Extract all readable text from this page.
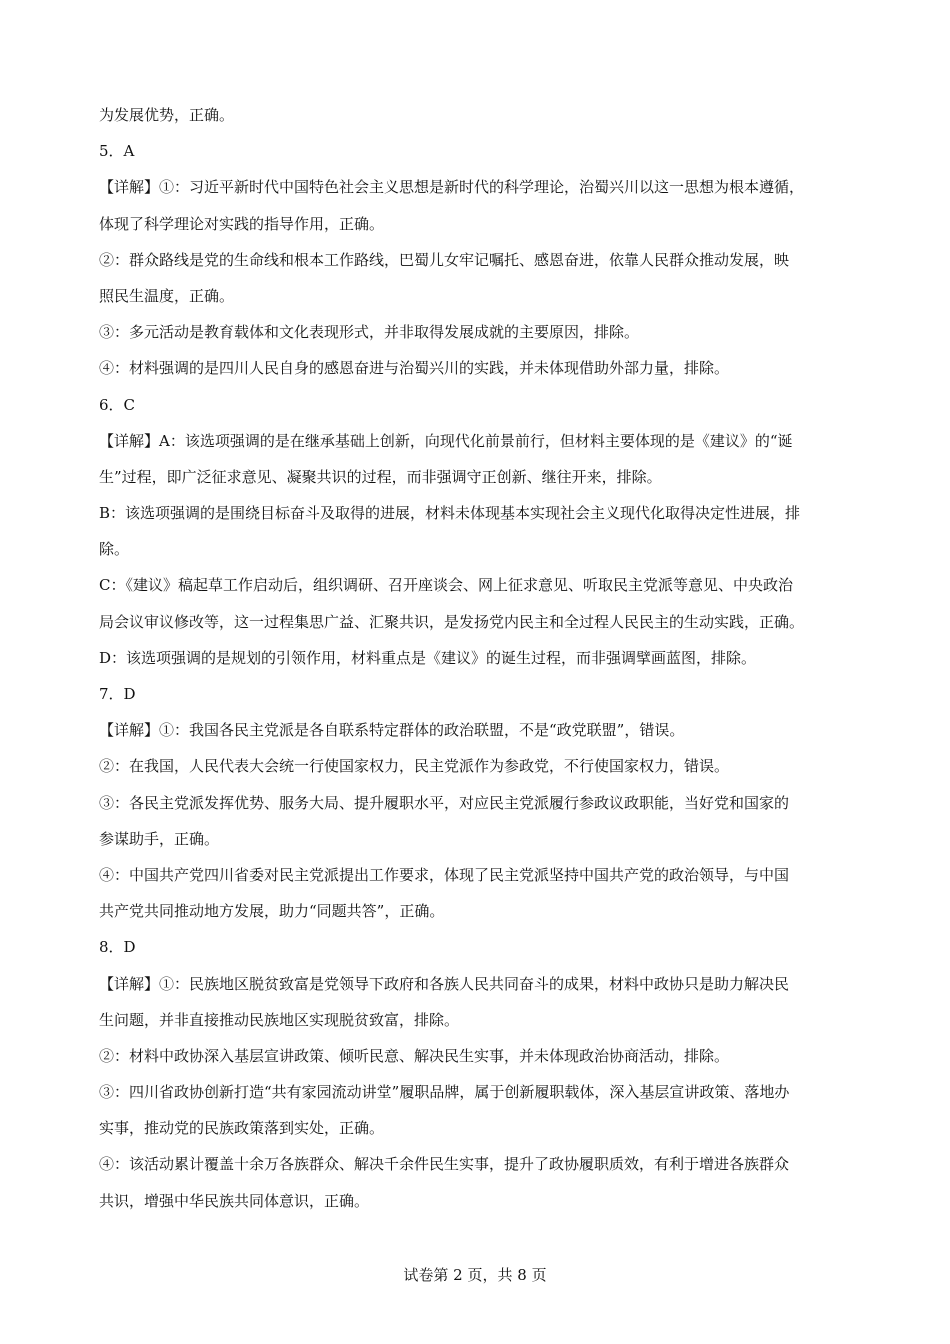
为发展优势，正确。
5．A
【详解】①：习近平新时代中国特色社会主义思想是新时代的科学理论，治蜀兴川以这一思想为根本遵循，
体现了科学理论对实践的指导作用，正确。
②：群众路线是党的生命线和根本工作路线，巴蜀儿女牢记嘱托、感恩奋进，依靠人民群众推动发展，映
照民生温度，正确。
③：多元活动是教育载体和文化表现形式，并非取得发展成就的主要原因，排除。
④：材料强调的是四川人民自身的感恩奋进与治蜀兴川的实践，并未体现借助外部力量，排除。
6．C
【详解】A：该选项强调的是在继承基础上创新，向现代化前景前行，但材料主要体现的是《建议》的“诞
生”过程，即广泛征求意见、凝聚共识的过程，而非强调守正创新、继往开来，排除。
B：该选项强调的是围绕目标奋斗及取得的进展，材料未体现基本实现社会主义现代化取得决定性进展，排
除。
C：《建议》稿起草工作启动后，组织调研、召开座谈会、网上征求意见、听取民主党派等意见、中央政治
局会议审议修改等，这一过程集思广益、汇聚共识，是发扬党内民主和全过程人民民主的生动实践，正确。
D：该选项强调的是规划的引领作用，材料重点是《建议》的诞生过程，而非强调擘画蓝图，排除。
7．D
【详解】①：我国各民主党派是各自联系特定群体的政治联盟，不是“政党联盟”，错误。
②：在我国，人民代表大会统一行使国家权力，民主党派作为参政党，不行使国家权力，错误。
③：各民主党派发挥优势、服务大局、提升履职水平，对应民主党派履行参政议政职能，当好党和国家的
参谋助手，正确。
④：中国共产党四川省委对民主党派提出工作要求，体现了民主党派坚持中国共产党的政治领导，与中国
共产党共同推动地方发展，助力“同题共答”，正确。
8．D
【详解】①：民族地区脱贫致富是党领导下政府和各族人民共同奋斗的成果，材料中政协只是助力解决民
生问题，并非直接推动民族地区实现脱贫致富，排除。
②：材料中政协深入基层宣讲政策、倾听民意、解决民生实事，并未体现政治协商活动，排除。
③：四川省政协创新打造“共有家园流动讲堂”履职品牌，属于创新履职载体，深入基层宣讲政策、落地办
实事，推动党的民族政策落到实处，正确。
④：该活动累计覆盖十余万各族群众、解决千余件民生实事，提升了政协履职质效，有利于增进各族群众
共识，增强中华民族共同体意识，正确。
试卷第 2 页，共 8 页
